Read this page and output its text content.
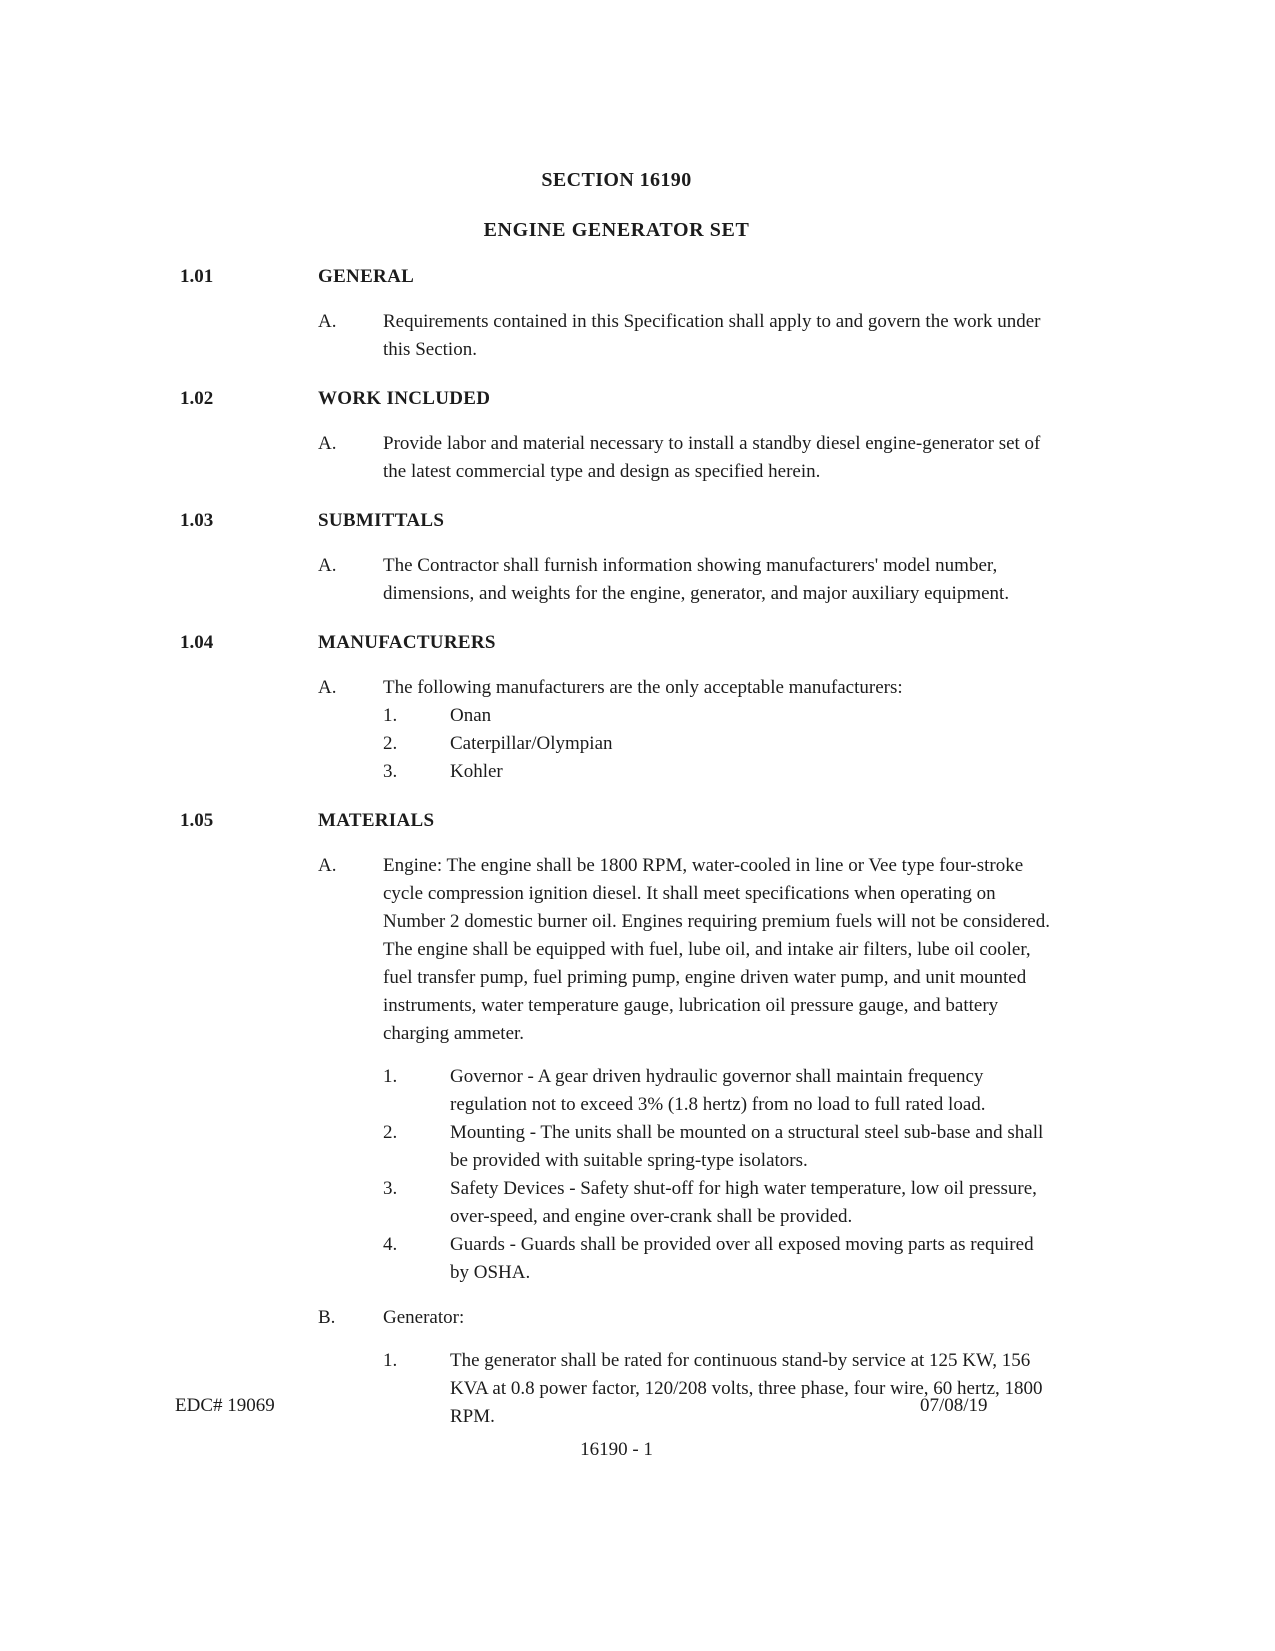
SECTION 16190
ENGINE GENERATOR SET
1.01	GENERAL
A.	Requirements contained in this Specification shall apply to and govern the work under this Section.
1.02	WORK INCLUDED
A.	Provide labor and material necessary to install a standby diesel engine-generator set of the latest commercial type and design as specified herein.
1.03	SUBMITTALS
A.	The Contractor shall furnish information showing manufacturers' model number, dimensions, and weights for the engine, generator, and major auxiliary equipment.
1.04	MANUFACTURERS
A.	The following manufacturers are the only acceptable manufacturers:
1.	Onan
2.	Caterpillar/Olympian
3.	Kohler
1.05	MATERIALS
A.	Engine: The engine shall be 1800 RPM, water-cooled in line or Vee type four-stroke cycle compression ignition diesel. It shall meet specifications when operating on Number 2 domestic burner oil. Engines requiring premium fuels will not be considered. The engine shall be equipped with fuel, lube oil, and intake air filters, lube oil cooler, fuel transfer pump, fuel priming pump, engine driven water pump, and unit mounted instruments, water temperature gauge, lubrication oil pressure gauge, and battery charging ammeter.
1.	Governor - A gear driven hydraulic governor shall maintain frequency regulation not to exceed 3% (1.8 hertz) from no load to full rated load.
2.	Mounting - The units shall be mounted on a structural steel sub-base and shall be provided with suitable spring-type isolators.
3.	Safety Devices - Safety shut-off for high water temperature, low oil pressure, over-speed, and engine over-crank shall be provided.
4.	Guards - Guards shall be provided over all exposed moving parts as required by OSHA.
B.	Generator:
1.	The generator shall be rated for continuous stand-by service at 125 KW, 156 KVA at 0.8 power factor, 120/208 volts, three phase, four wire, 60 hertz, 1800 RPM.
EDC# 19069	07/08/19
16190 - 1
